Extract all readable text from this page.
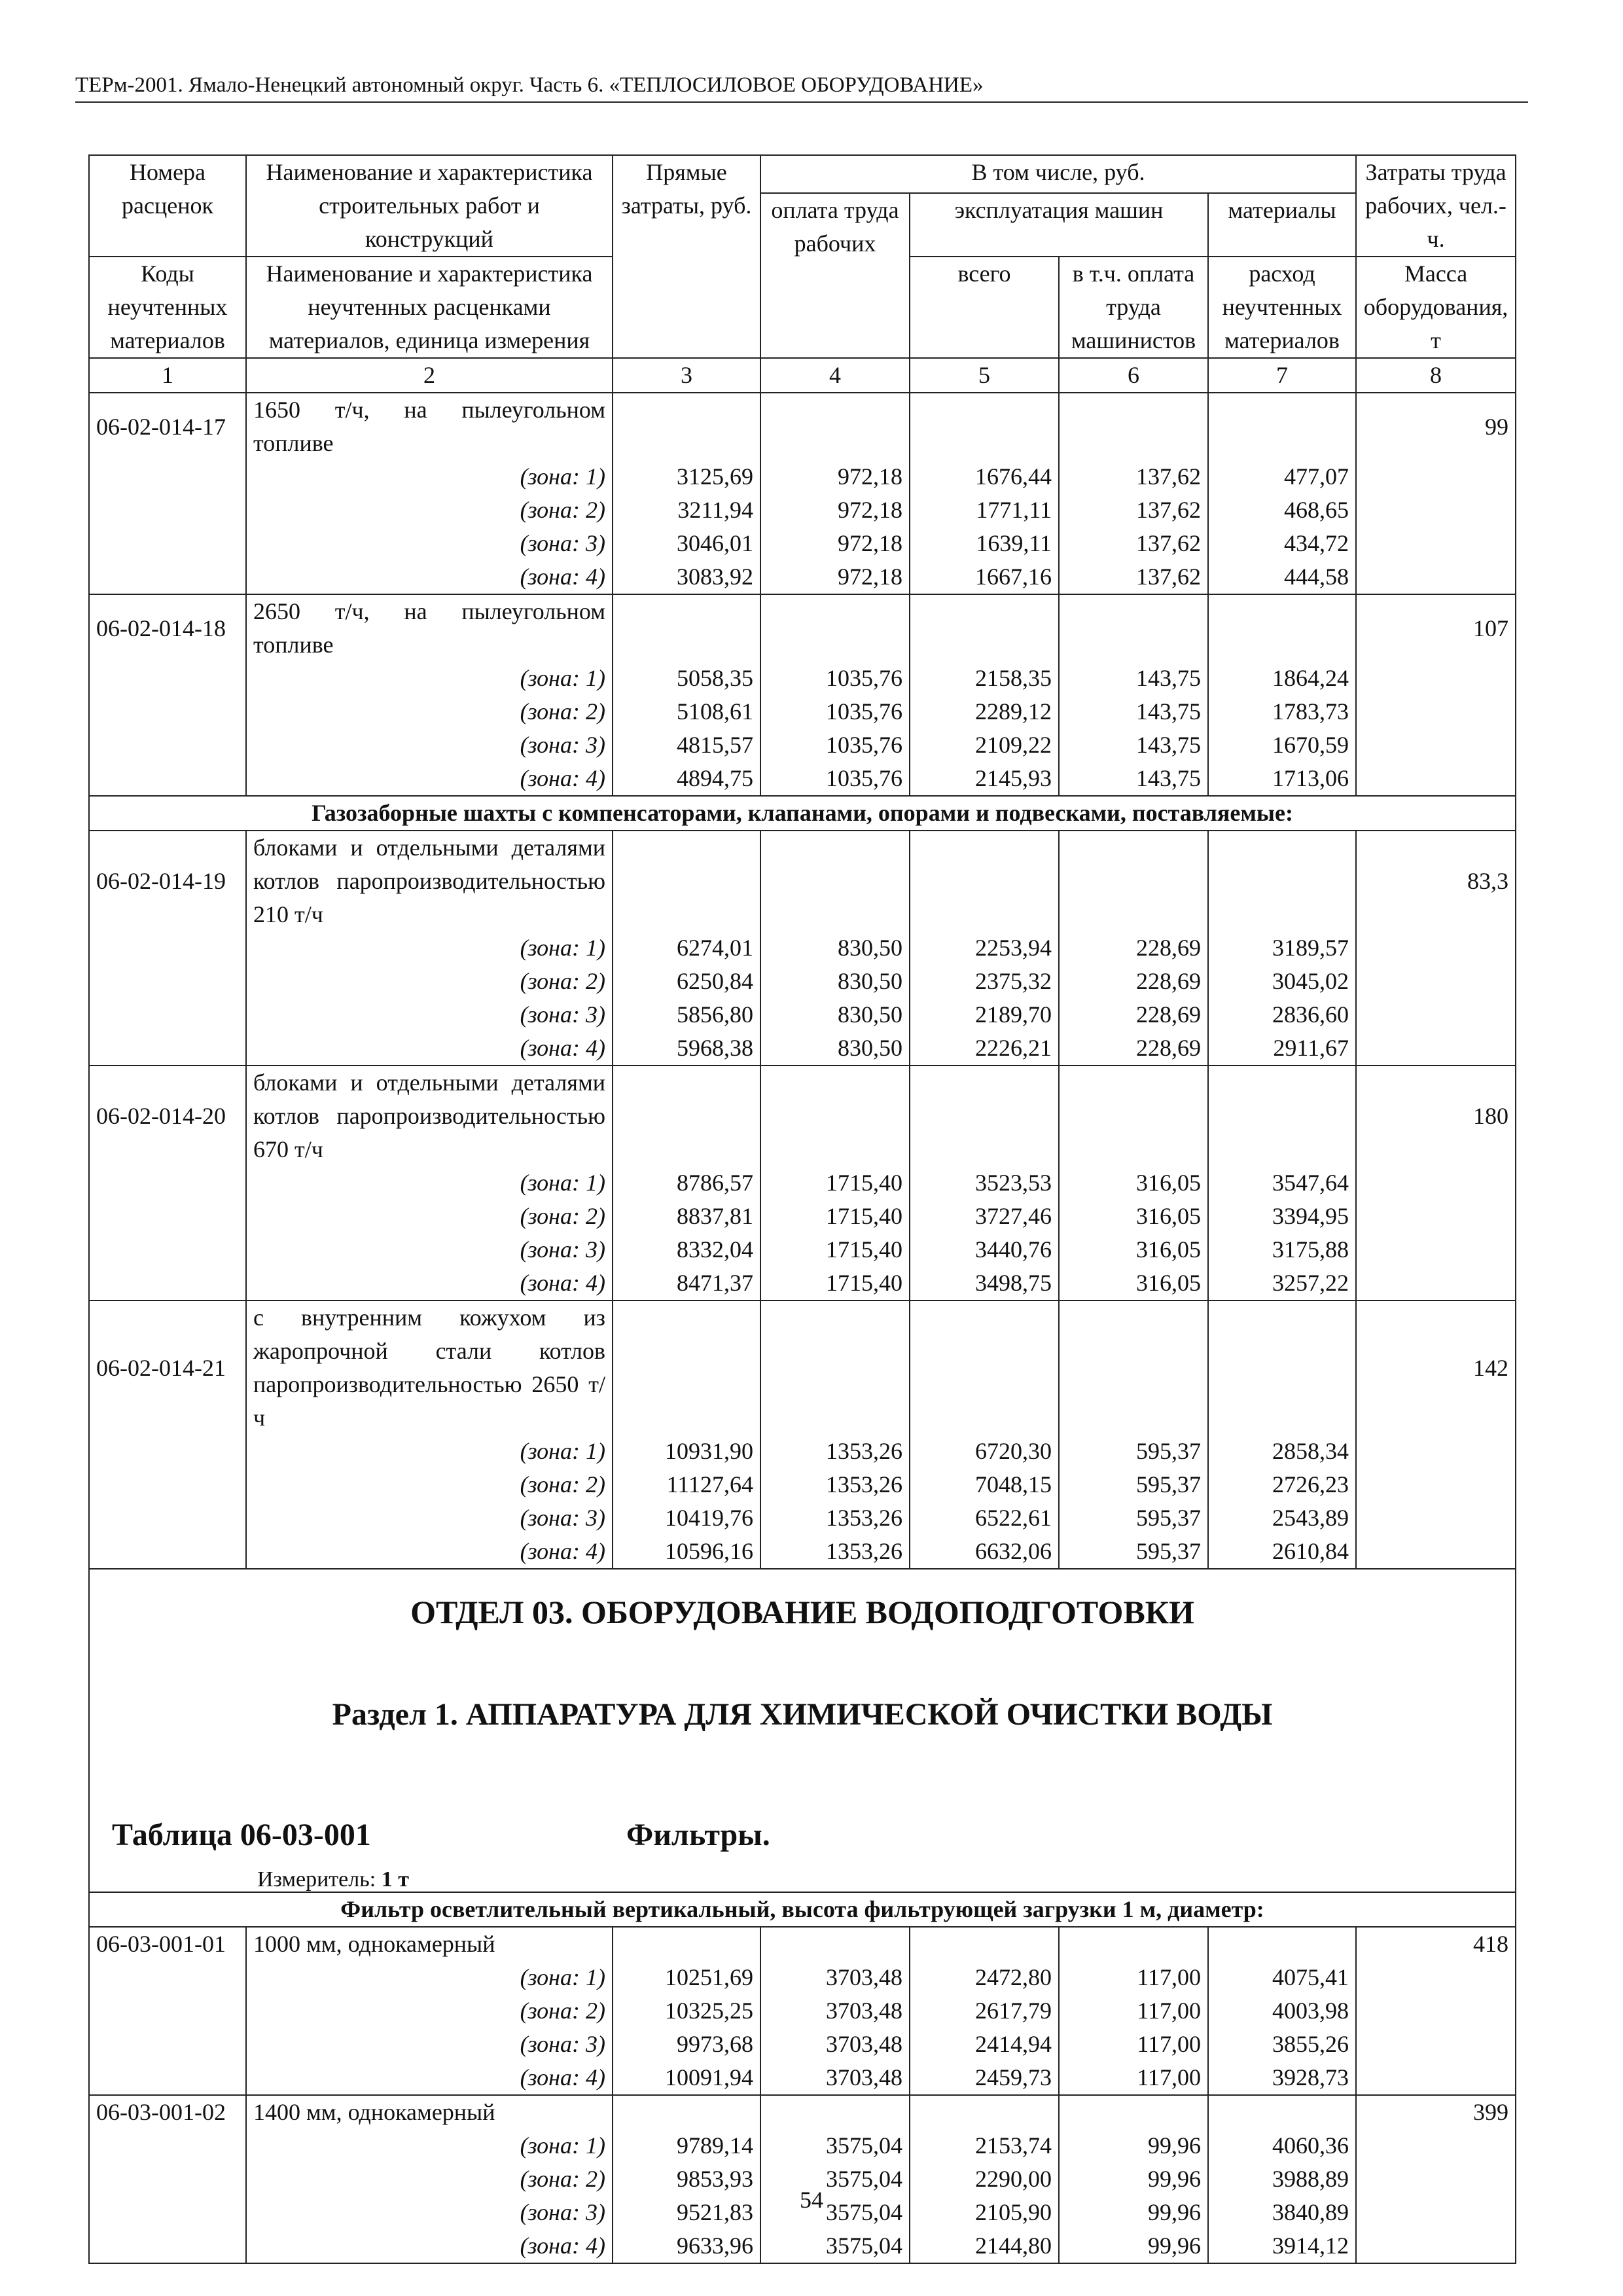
ТЕРм-2001. Ямало-Ненецкий автономный округ. Часть 6. «ТЕПЛОСИЛОВОЕ ОБОРУДОВАНИЕ»
Номера расценок	Наименование и характеристика строительных работ и конструкций	Прямые затраты, руб.	В том числе, руб.				Затраты труда рабочих, чел.-ч.
			оплата труда рабочих	эксплуатация машин		материалы	
Коды неучтенных материалов	Наименование и характеристика неучтенных расценками материалов, единица измерения			всего	в т.ч. оплата труда машинистов	расход неучтенных материалов	Масса оборудования, т
1	2	3	4	5	6	7	8
06-02-014-17	1650 т/ч, на пылеугольном топливе						99
	(зона: 1)	3125,69	972,18	1676,44	137,62	477,07	
	(зона: 2)	3211,94	972,18	1771,11	137,62	468,65	
	(зона: 3)	3046,01	972,18	1639,11	137,62	434,72	
	(зона: 4)	3083,92	972,18	1667,16	137,62	444,58	
06-02-014-18	2650 т/ч, на пылеугольном топливе						107
	(зона: 1)	5058,35	1035,76	2158,35	143,75	1864,24	
	(зона: 2)	5108,61	1035,76	2289,12	143,75	1783,73	
	(зона: 3)	4815,57	1035,76	2109,22	143,75	1670,59	
	(зона: 4)	4894,75	1035,76	2145,93	143,75	1713,06	
Газозаборные шахты с компенсаторами, клапанами, опорами и подвесками, поставляемые:							
06-02-014-19	блоками и отдельными деталями котлов паропроизводительностью 210 т/ч						83,3
	(зона: 1)	6274,01	830,50	2253,94	228,69	3189,57	
	(зона: 2)	6250,84	830,50	2375,32	228,69	3045,02	
	(зона: 3)	5856,80	830,50	2189,70	228,69	2836,60	
	(зона: 4)	5968,38	830,50	2226,21	228,69	2911,67	
06-02-014-20	блоками и отдельными деталями котлов паропроизводительностью 670 т/ч						180
	(зона: 1)	8786,57	1715,40	3523,53	316,05	3547,64	
	(зона: 2)	8837,81	1715,40	3727,46	316,05	3394,95	
	(зона: 3)	8332,04	1715,40	3440,76	316,05	3175,88	
	(зона: 4)	8471,37	1715,40	3498,75	316,05	3257,22	
06-02-014-21	с внутренним кожухом из жаропрочной стали котлов паропроизводительностью 2650 т/ч						142
	(зона: 1)	10931,90	1353,26	6720,30	595,37	2858,34	
	(зона: 2)	11127,64	1353,26	7048,15	595,37	2726,23	
	(зона: 3)	10419,76	1353,26	6522,61	595,37	2543,89	
	(зона: 4)	10596,16	1353,26	6632,06	595,37	2610,84	

ОТДЕЛ 03. ОБОРУДОВАНИЕ ВОДОПОДГОТОВКИ
Раздел 1. АППАРАТУРА ДЛЯ ХИМИЧЕСКОЙ ОЧИСТКИ ВОДЫ
Таблица 06-03-001 Фильтры.
Измеритель: 1 т							

Фильтр осветлительный вертикальный, высота фильтрующей загрузки 1 м, диаметр:							
06-03-001-01	1000 мм, однокамерный						418
	(зона: 1)	10251,69	3703,48	2472,80	117,00	4075,41	
	(зона: 2)	10325,25	3703,48	2617,79	117,00	4003,98	
	(зона: 3)	9973,68	3703,48	2414,94	117,00	3855,26	
	(зона: 4)	10091,94	3703,48	2459,73	117,00	3928,73	
06-03-001-02	1400 мм, однокамерный						399
	(зона: 1)	9789,14	3575,04	2153,74	99,96	4060,36	
	(зона: 2)	9853,93	3575,04	2290,00	99,96	3988,89	
	(зона: 3)	9521,83	3575,04	2105,90	99,96	3840,89	
	(зона: 4)	9633,96	3575,04	2144,80	99,96	3914,12	
54
